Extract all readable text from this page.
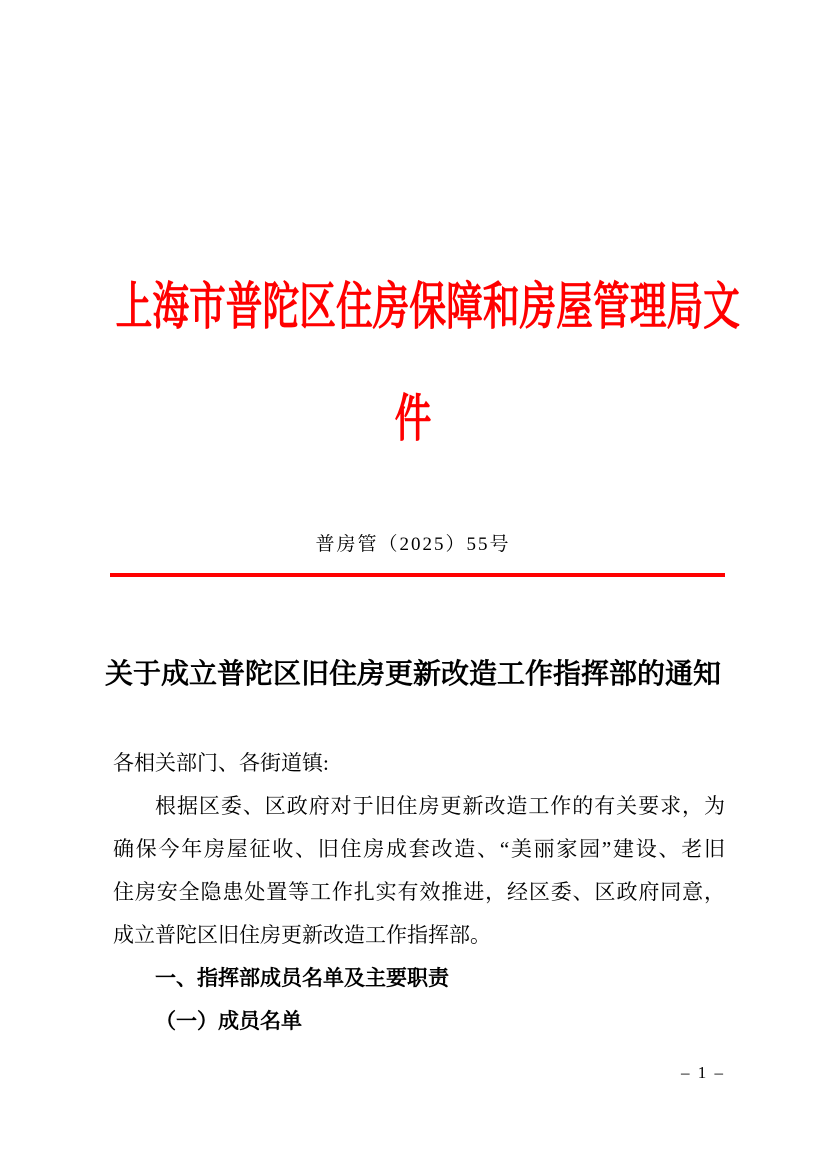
上海市普陀区住房保障和房屋管理局文
件
普房管（2025）55号
关于成立普陀区旧住房更新改造工作指挥部的通知
各相关部门、各街道镇:
根据区委、区政府对于旧住房更新改造工作的有关要求，为
确保今年房屋征收、旧住房成套改造、“美丽家园”建设、老旧
住房安全隐患处置等工作扎实有效推进，经区委、区政府同意，
成立普陀区旧住房更新改造工作指挥部。
一、指挥部成员名单及主要职责
（一）成员名单
– 1 –
